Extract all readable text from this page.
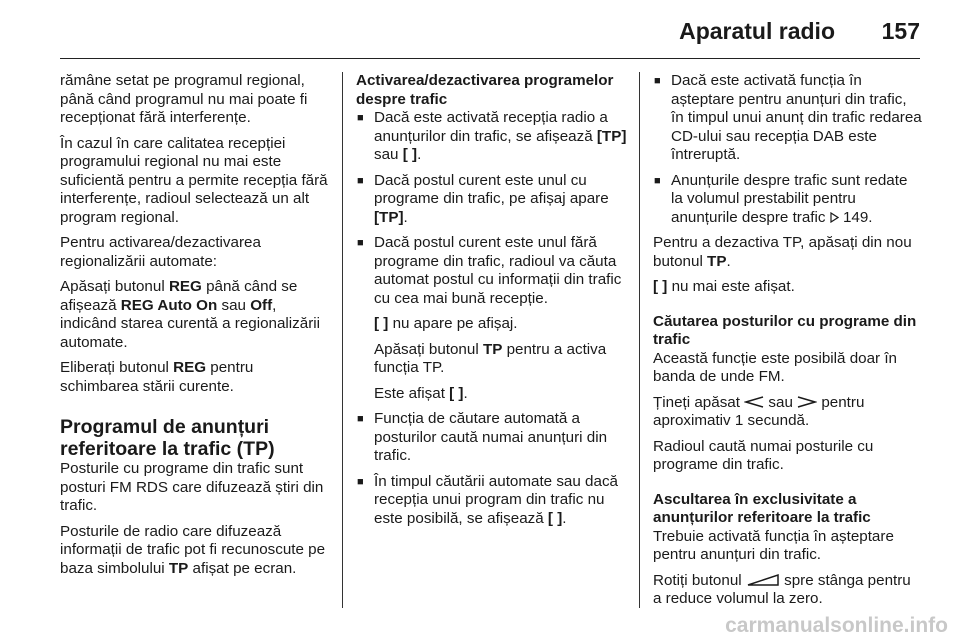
Aparatul radio 157

rămâne setat pe programul regional, până când programul nu mai poate fi recepționat fără interferențe.

În cazul în care calitatea recepției programului regional nu mai este suficientă pentru a permite recepția fără interferențe, radioul selectează un alt program regional.

Pentru activarea/dezactivarea regionalizării automate:

Apăsați butonul REG până când se afișează REG Auto On sau Off, indicând starea curentă a regionalizării automate.

Eliberați butonul REG pentru schimbarea stării curente.

Programul de anunțuri referitoare la trafic (TP)

Posturile cu programe din trafic sunt posturi FM RDS care difuzează știri din trafic.

Posturile de radio care difuzează informații de trafic pot fi recunoscute pe baza simbolului TP afișat pe ecran.

Activarea/dezactivarea programelor despre trafic
■ Dacă este activată recepția radio a anunțurilor din trafic, se afișează [TP] sau [ ].
■ Dacă postul curent este unul cu programe din trafic, pe afișaj apare [TP].
■ Dacă postul curent este unul fără programe din trafic, radioul va căuta automat postul cu informații din trafic cu cea mai bună recepție.
[ ] nu apare pe afișaj.
Apăsați butonul TP pentru a activa funcția TP.
Este afișat [ ].
■ Funcția de căutare automată a posturilor caută numai anunțuri din trafic.
■ În timpul căutării automate sau dacă recepția unui program din trafic nu este posibilă, se afișează [ ].
■ Dacă este activată funcția în așteptare pentru anunțuri din trafic, în timpul unui anunț din trafic redarea CD-ului sau recepția DAB este întreruptă.
■ Anunțurile despre trafic sunt redate la volumul prestabilit pentru anunțurile despre trafic  149.

Pentru a dezactiva TP, apăsați din nou butonul TP.

[ ] nu mai este afișat.

Căutarea posturilor cu programe din trafic

Această funcție este posibilă doar în banda de unde FM.

Țineți apăsat  sau  pentru aproximativ 1 secundă.

Radioul caută numai posturile cu programe din trafic.

Ascultarea în exclusivitate a anunțurilor referitoare la trafic

Trebuie activată funcția în așteptare pentru anunțuri din trafic.

Rotiți butonul  spre stânga pentru a reduce volumul la zero.

carmanualsonline.info
